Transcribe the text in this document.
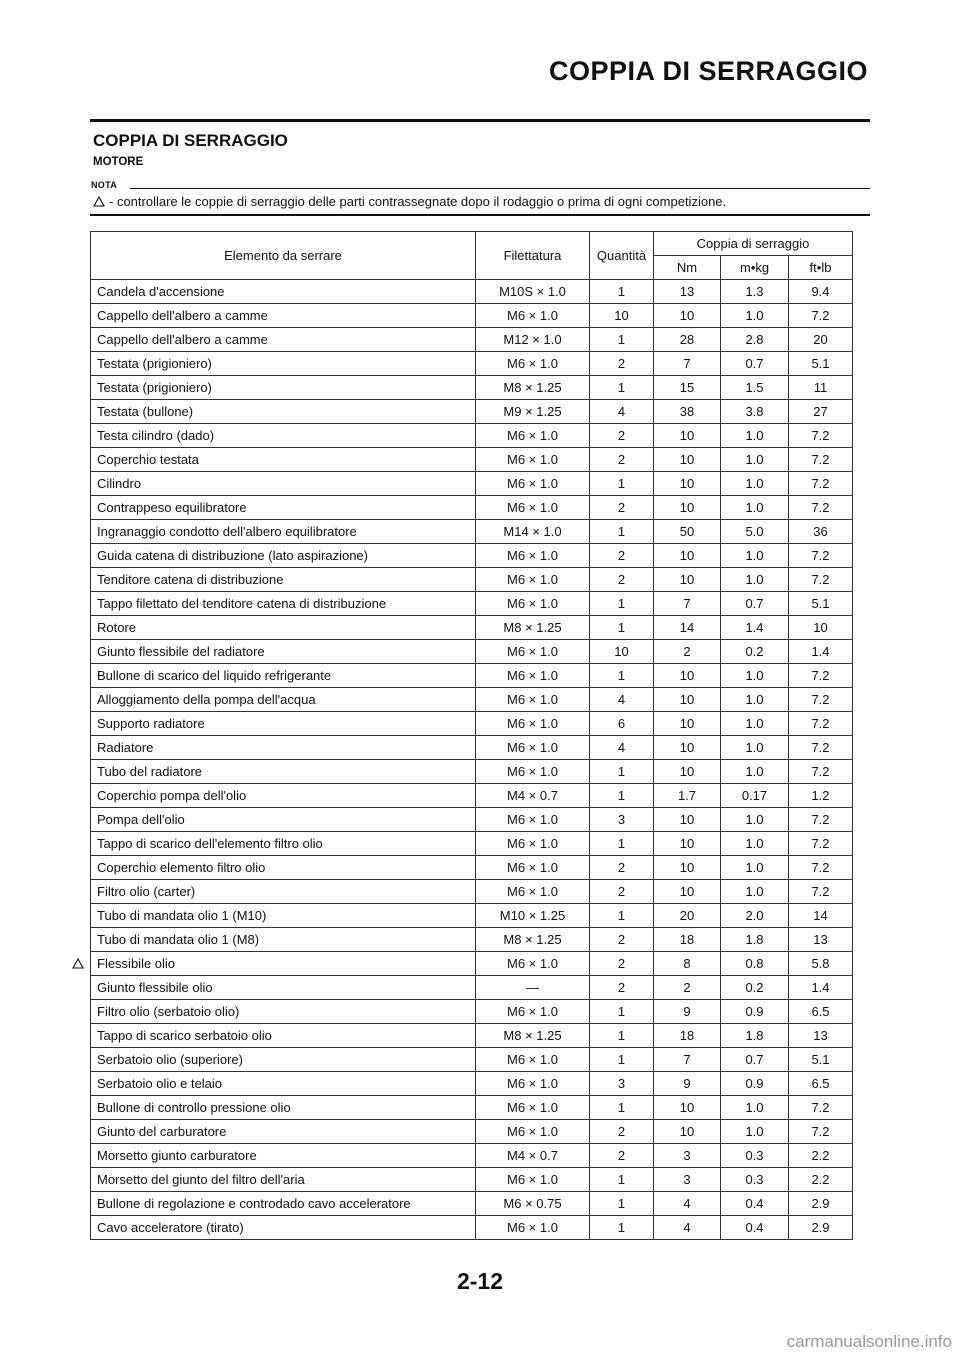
COPPIA DI SERRAGGIO
COPPIA DI SERRAGGIO
MOTORE
NOTA
- controllare le coppie di serraggio delle parti contrassegnate dopo il rodaggio o prima di ogni competizione.
Elemento da serrare	Filettatura	Quantità	Coppia di serraggio		
			Nm	m•kg	ft•lb
Candela d'accensione	M10S × 1.0	1	13	1.3	9.4
Cappello dell'albero a camme	M6 × 1.0	10	10	1.0	7.2
Cappello dell'albero a camme	M12 × 1.0	1	28	2.8	20
Testata (prigioniero)	M6 × 1.0	2	7	0.7	5.1
Testata (prigioniero)	M8 × 1.25	1	15	1.5	11
Testata (bullone)	M9 × 1.25	4	38	3.8	27
Testa cilindro (dado)	M6 × 1.0	2	10	1.0	7.2
Coperchio testata	M6 × 1.0	2	10	1.0	7.2
Cilindro	M6 × 1.0	1	10	1.0	7.2
Contrappeso equilibratore	M6 × 1.0	2	10	1.0	7.2
Ingranaggio condotto dell'albero equilibratore	M14 × 1.0	1	50	5.0	36
Guida catena di distribuzione (lato aspirazione)	M6 × 1.0	2	10	1.0	7.2
Tenditore catena di distribuzione	M6 × 1.0	2	10	1.0	7.2
Tappo filettato del tenditore catena di distribuzione	M6 × 1.0	1	7	0.7	5.1
Rotore	M8 × 1.25	1	14	1.4	10
Giunto flessibile del radiatore	M6 × 1.0	10	2	0.2	1.4
Bullone di scarico del liquido refrigerante	M6 × 1.0	1	10	1.0	7.2
Alloggiamento della pompa dell'acqua	M6 × 1.0	4	10	1.0	7.2
Supporto radiatore	M6 × 1.0	6	10	1.0	7.2
Radiatore	M6 × 1.0	4	10	1.0	7.2
Tubo del radiatore	M6 × 1.0	1	10	1.0	7.2
Coperchio pompa dell'olio	M4 × 0.7	1	1.7	0.17	1.2
Pompa dell'olio	M6 × 1.0	3	10	1.0	7.2
Tappo di scarico dell'elemento filtro olio	M6 × 1.0	1	10	1.0	7.2
Coperchio elemento filtro olio	M6 × 1.0	2	10	1.0	7.2
Filtro olio (carter)	M6 × 1.0	2	10	1.0	7.2
Tubo di mandata olio 1 (M10)	M10 × 1.25	1	20	2.0	14
Tubo di mandata olio 1 (M8)	M8 × 1.25	2	18	1.8	13
Flessibile olio	M6 × 1.0	2	8	0.8	5.8
Giunto flessibile olio	—	2	2	0.2	1.4
Filtro olio (serbatoio olio)	M6 × 1.0	1	9	0.9	6.5
Tappo di scarico serbatoio olio	M8 × 1.25	1	18	1.8	13
Serbatoio olio (superiore)	M6 × 1.0	1	7	0.7	5.1
Serbatoio olio e telaio	M6 × 1.0	3	9	0.9	6.5
Bullone di controllo pressione olio	M6 × 1.0	1	10	1.0	7.2
Giunto del carburatore	M6 × 1.0	2	10	1.0	7.2
Morsetto giunto carburatore	M4 × 0.7	2	3	0.3	2.2
Morsetto del giunto del filtro dell'aria	M6 × 1.0	1	3	0.3	2.2
Bullone di regolazione e controdado cavo acceleratore	M6 × 0.75	1	4	0.4	2.9
Cavo acceleratore (tirato)	M6 × 1.0	1	4	0.4	2.9
2-12
carmanualsonline.info
